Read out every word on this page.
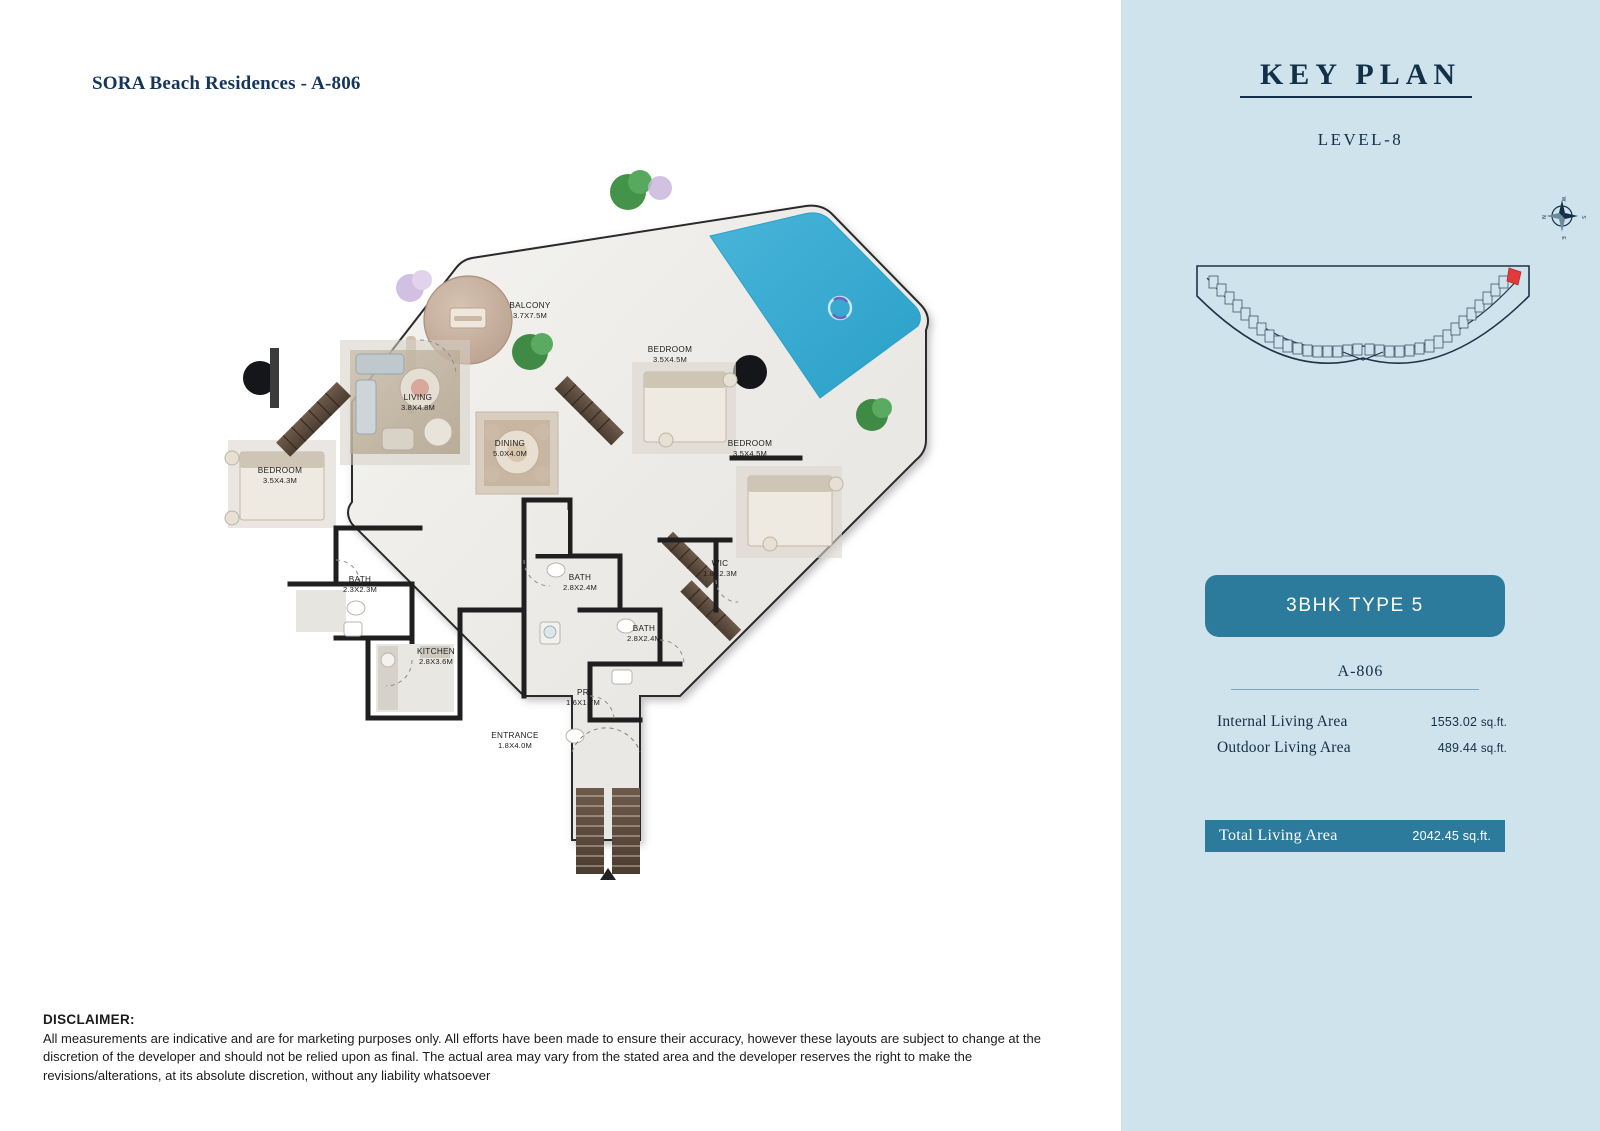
SORA Beach Residences - A-806
BALCONY
3.7X7.5M
BEDROOM
3.5X4.5M
LIVING
3.8X4.8M
DINING
5.0X4.0M
BEDROOM
3.5X4.5M
BEDROOM
3.5X4.3M
WIC
1.8X2.3M
BATH
2.3X2.3M
BATH
2.8X2.4M
BATH
2.8X2.4M
KITCHEN
2.8X3.6M
PR
1.6X1.7M
ENTRANCE
1.8X4.0M
DISCLAIMER:
All measurements are indicative and are for marketing purposes only. All efforts have been made to ensure their accuracy, however these layouts are subject to change at the discretion of the developer and should not be relied upon as final. The actual area may vary from the stated area and the developer reserves the right to make the revisions/alterations, at its absolute discretion, without any liability whatsoever
KEY PLAN
LEVEL-8
W
S
E
N
3BHK TYPE 5
A-806
Internal Living Area	1553.02 sq.ft.
Outdoor Living Area	489.44 sq.ft.
Total Living Area	2042.45 sq.ft.
